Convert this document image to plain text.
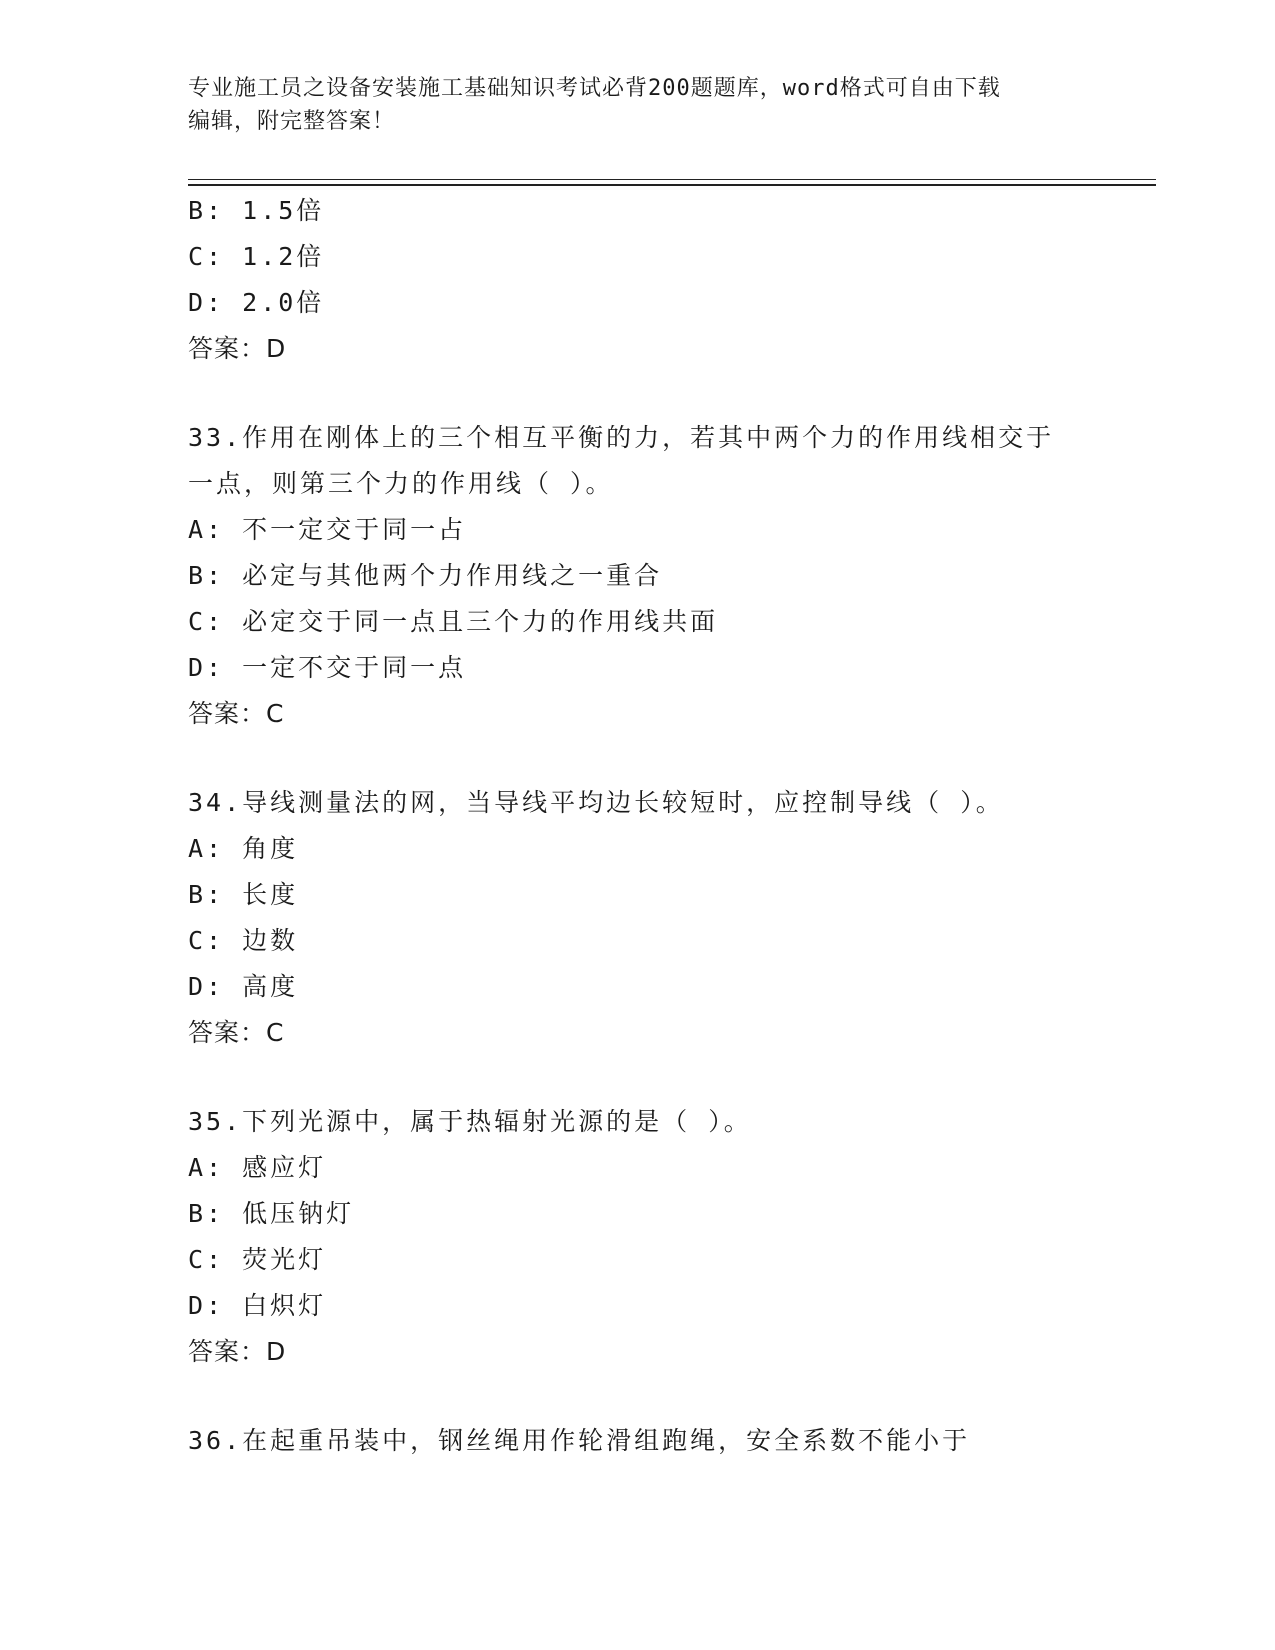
专业施工员之设备安装施工基础知识考试必背200题题库，word格式可自由下载
编辑，附完整答案！
B: 1.5倍
C: 1.2倍
D: 2.0倍
答案：D
33.作用在刚体上的三个相互平衡的力，若其中两个力的作用线相交于
一点，则第三个力的作用线（ ）。
A: 不一定交于同一占
B: 必定与其他两个力作用线之一重合
C: 必定交于同一点且三个力的作用线共面
D: 一定不交于同一点
答案：C
34.导线测量法的网，当导线平均边长较短时，应控制导线（ ）。
A: 角度
B: 长度
C: 边数
D: 高度
答案：C
35.下列光源中，属于热辐射光源的是（ ）。
A: 感应灯
B: 低压钠灯
C: 荧光灯
D: 白炽灯
答案：D
36.在起重吊装中，钢丝绳用作轮滑组跑绳，安全系数不能小于
